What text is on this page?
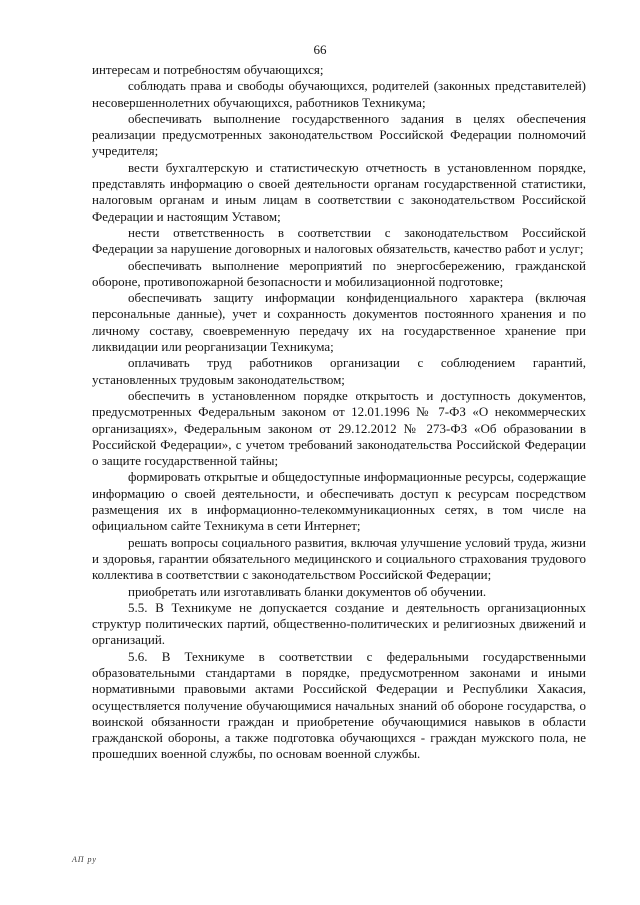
66

интересам и потребностям обучающихся;

соблюдать права и свободы обучающихся, родителей (законных представителей) несовершеннолетних обучающихся, работников Техникума;

обеспечивать выполнение государственного задания в целях обеспечения реализации предусмотренных законодательством Российской Федерации полномочий учредителя;

вести бухгалтерскую и статистическую отчетность в установленном порядке, представлять информацию о своей деятельности органам государственной статистики, налоговым органам и иным лицам в соответствии с законодательством Российской Федерации и настоящим Уставом;

нести ответственность в соответствии с законодательством Российской Федерации за нарушение договорных и налоговых обязательств, качество работ и услуг;

обеспечивать выполнение мероприятий по энергосбережению, гражданской обороне, противопожарной безопасности и мобилизационной подготовке;

обеспечивать защиту информации конфиденциального характера (включая персональные данные), учет и сохранность документов постоянного хранения и по личному составу, своевременную передачу их на государственное хранение при ликвидации или реорганизации Техникума;

оплачивать труд работников организации с соблюдением гарантий, установленных трудовым законодательством;

обеспечить в установленном порядке открытость и доступность документов, предусмотренных Федеральным законом от 12.01.1996 № 7-ФЗ «О некоммерческих организациях», Федеральным законом от 29.12.2012 № 273-ФЗ «Об образовании в Российской Федерации», с учетом требований законодательства Российской Федерации о защите государственной тайны;

формировать открытые и общедоступные информационные ресурсы, содержащие информацию о своей деятельности, и обеспечивать доступ к ресурсам посредством размещения их в информационно-телекоммуникационных сетях, в том числе на официальном сайте Техникума в сети Интернет;

решать вопросы социального развития, включая улучшение условий труда, жизни и здоровья, гарантии обязательного медицинского и социального страхования трудового коллектива в соответствии с законодательством Российской Федерации;

приобретать или изготавливать бланки документов об обучении.

5.5. В Техникуме не допускается создание и деятельность организационных структур политических партий, общественно-политических и религиозных движений и организаций.

5.6. В Техникуме в соответствии с федеральными государственными образовательными стандартами в порядке, предусмотренном законами и иными нормативными правовыми актами Российской Федерации и Республики Хакасия, осуществляется получение обучающимися начальных знаний об обороне государства, о воинской обязанности граждан и приобретение обучающимися навыков в области гражданской обороны, а также подготовка обучающихся - граждан мужского пола, не прошедших военной службы, по основам военной службы.

АП ру
